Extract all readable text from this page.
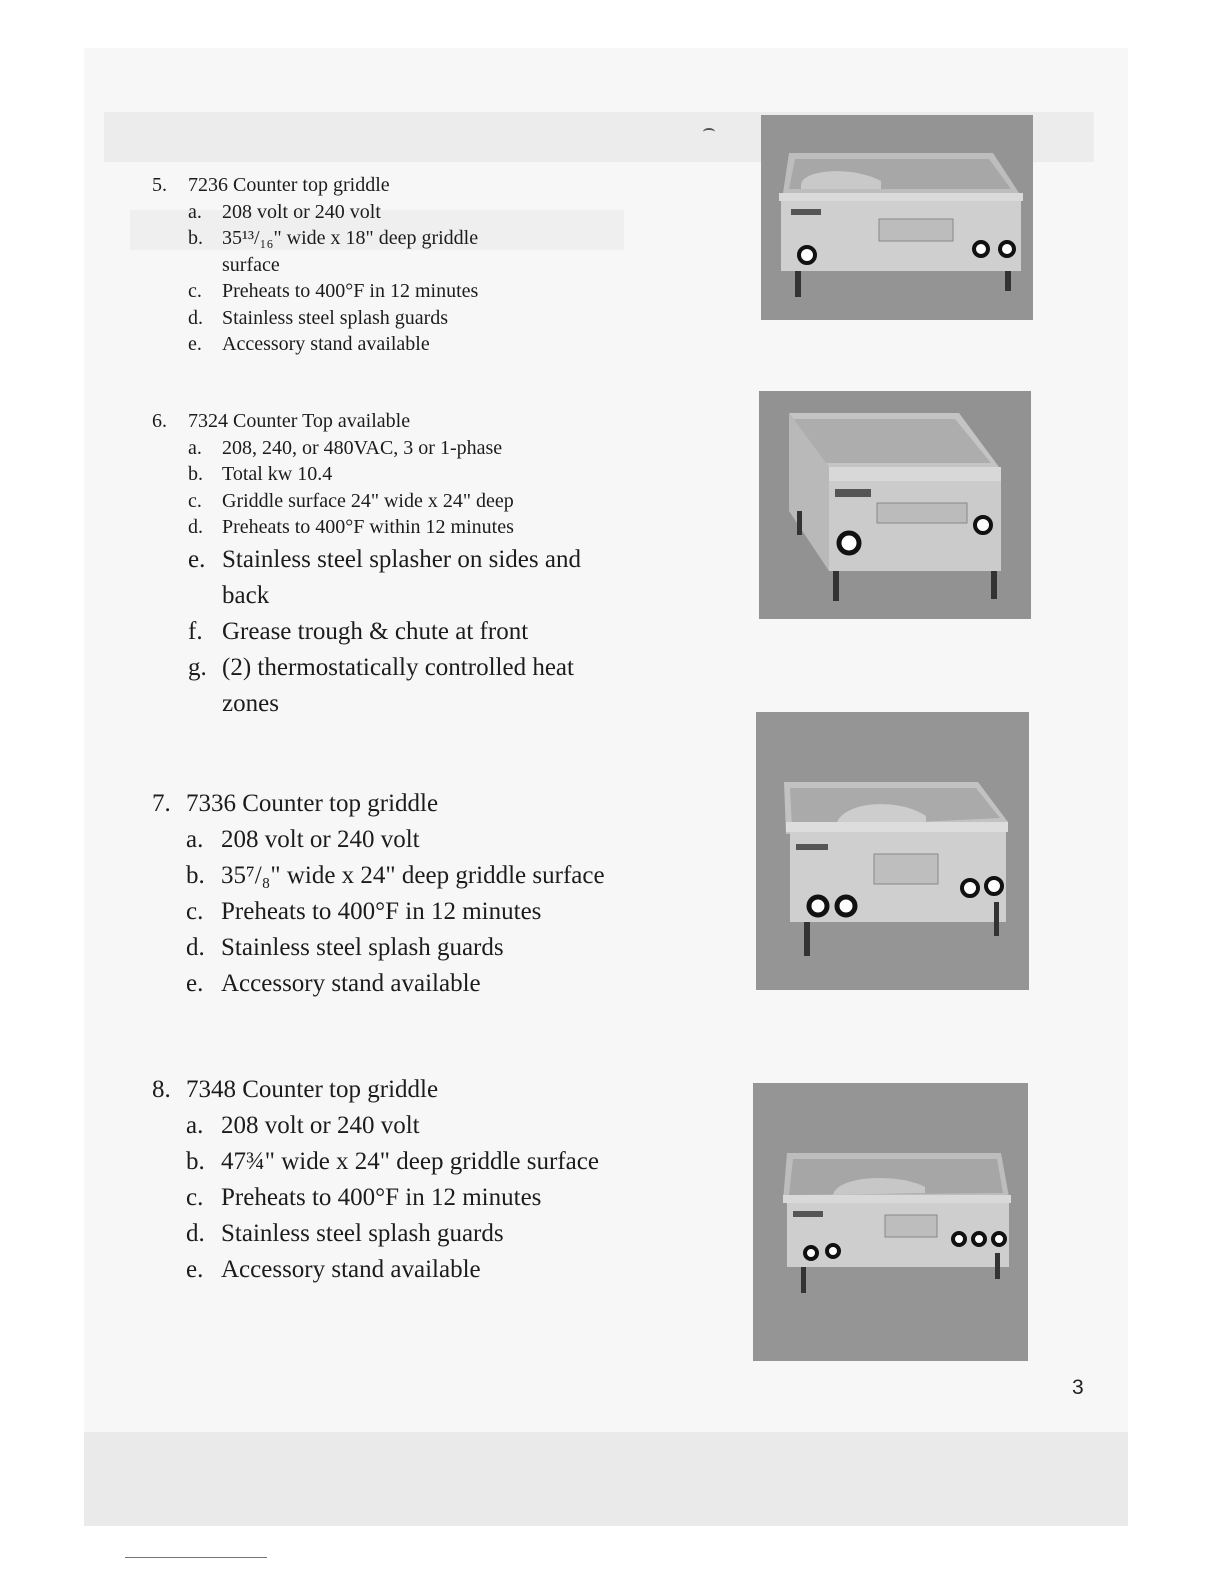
5. 7236 Counter top griddle
a. 208 volt or 240 volt
b. 35¹³/₁₆" wide x 18" deep griddle
surface
c. Preheats to 400°F in 12 minutes
d. Stainless steel splash guards
e. Accessory stand available
6. 7324 Counter Top available
a. 208, 240, or 480VAC, 3 or 1-phase
b. Total kw 10.4
c. Griddle surface 24" wide x 24" deep
d. Preheats to 400°F within 12 minutes
e. Stainless steel splasher on sides and
back
f. Grease trough & chute at front
g. (2) thermostatically controlled heat
zones
7. 7336 Counter top griddle
a. 208 volt or 240 volt
b. 35⁷/₈" wide x 24" deep griddle surface
c. Preheats to 400°F in 12 minutes
d. Stainless steel splash guards
e. Accessory stand available
8. 7348 Counter top griddle
a. 208 volt or 240 volt
b. 47¾" wide x 24" deep griddle surface
c. Preheats to 400°F in 12 minutes
d. Stainless steel splash guards
e. Accessory stand available
3
